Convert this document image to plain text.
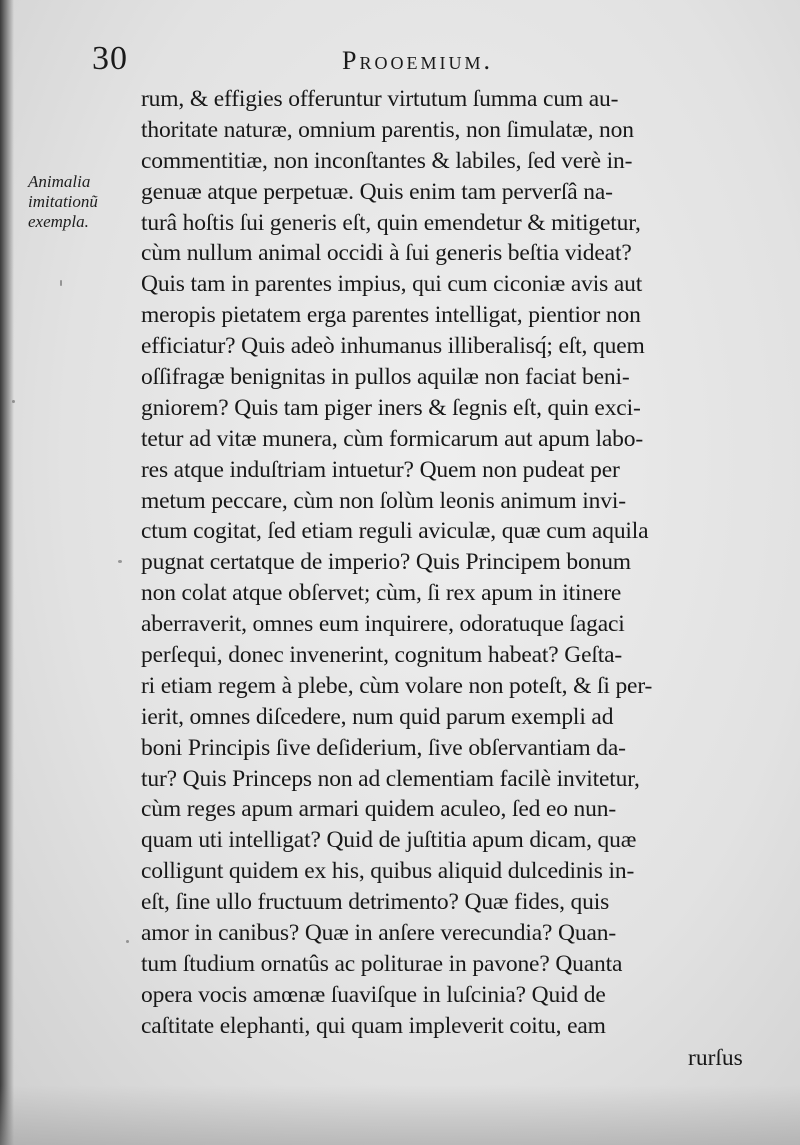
30	Prooemium.
Animalia
imitationũ
exempla.
rum, & effigies offeruntur virtutum ſumma cum au-
thoritate naturæ, omnium parentis, non ſimulatæ, non
commentitiæ, non inconſtantes & labiles, ſed verè in-
genuæ atque perpetuæ. Quis enim tam perverſâ na-
turâ hoſtis ſui generis eſt, quin emendetur & mitigetur,
cùm nullum animal occidi à ſui generis beſtia videat?
Quis tam in parentes impius, qui cum ciconiæ avis aut
meropis pietatem erga parentes intelligat, pientior non
efficiatur? Quis adeò inhumanus illiberalisq́; eſt, quem
oſſifragæ benignitas in pullos aquilæ non faciat beni-
gniorem? Quis tam piger iners & ſegnis eſt, quin exci-
tetur ad vitæ munera, cùm formicarum aut apum labo-
res atque induſtriam intuetur? Quem non pudeat per
metum peccare, cùm non ſolùm leonis animum invi-
ctum cogitat, ſed etiam reguli aviculæ, quæ cum aquila
pugnat certatque de imperio? Quis Principem bonum
non colat atque obſervet; cùm, ſi rex apum in itinere
aberraverit, omnes eum inquirere, odoratuque ſagaci
perſequi, donec invenerint, cognitum habeat? Geſta-
ri etiam regem à plebe, cùm volare non poteſt, & ſi per-
ierit, omnes diſcedere, num quid parum exempli ad
boni Principis ſive deſiderium, ſive obſervantiam da-
tur? Quis Princeps non ad clementiam facilè invitetur,
cùm reges apum armari quidem aculeo, ſed eo nun-
quam uti intelligat? Quid de juſtitia apum dicam, quæ
colligunt quidem ex his, quibus aliquid dulcedinis in-
eſt, ſine ullo fructuum detrimento? Quæ fides, quis
amor in canibus? Quæ in anſere verecundia? Quan-
tum ſtudium ornatûs ac politurae in pavone? Quanta
opera vocis amœnæ ſuaviſque in luſcinia? Quid de
caſtitate elephanti, qui quam impleverit coitu, eam
rurſus
